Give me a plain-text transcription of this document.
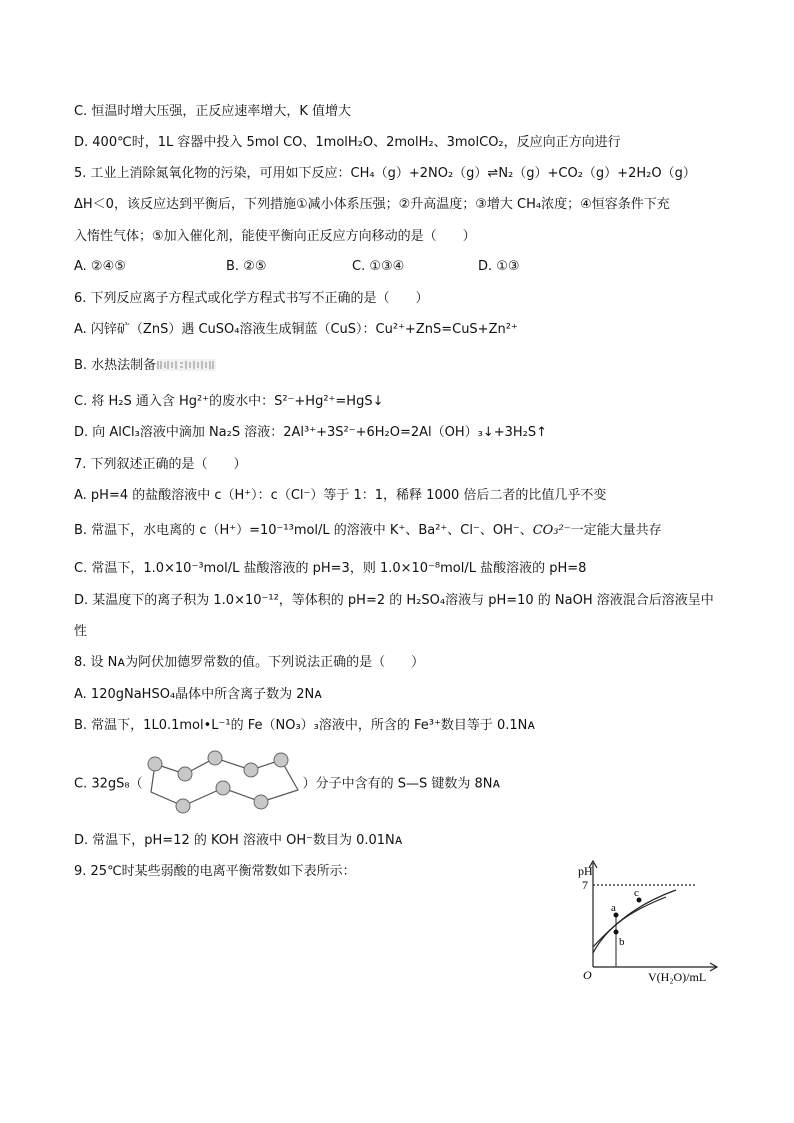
C. 恒温时增大压强，正反应速率增大，K 值增大
D. 400℃时，1L 容器中投入 5mol CO、1molH₂O、2molH₂、3molCO₂，反应向正方向进行
5. 工业上消除氮氧化物的污染，可用如下反应：CH₄（g）+2NO₂（g）⇌N₂（g）+CO₂（g）+2H₂O（g）
ΔH＜0，该反应达到平衡后，下列措施①减小体系压强；②升高温度；③增大 CH₄浓度；④恒容条件下充
入惰性气体；⑤加入催化剂，能使平衡向正反应方向移动的是（　　）
A. ②④⑤	B. ②⑤	C. ①③④	D. ①③
6. 下列反应离子方程式或化学方程式书写不正确的是（　　）
A. 闪锌矿（ZnS）遇 CuSO₄溶液生成铜蓝（CuS）：Cu²⁺+ZnS=CuS+Zn²⁺
B. 水热法制备
C. 将 H₂S 通入含 Hg²⁺的废水中：S²⁻+Hg²⁺=HgS↓
D. 向 AlCl₃溶液中滴加 Na₂S 溶液：2Al³⁺+3S²⁻+6H₂O=2Al（OH）₃↓+3H₂S↑
7. 下列叙述正确的是（　　）
A. pH=4 的盐酸溶液中 c（H⁺）：c（Cl⁻）等于 1：1，稀释 1000 倍后二者的比值几乎不变
B. 常温下，水电离的 c（H⁺）=10⁻¹³mol/L 的溶液中 K⁺、Ba²⁺、Cl⁻、OH⁻、CO₃²⁻一定能大量共存
C. 常温下，1.0×10⁻³mol/L 盐酸溶液的 pH=3，则 1.0×10⁻⁸mol/L 盐酸溶液的 pH=8
D. 某温度下的离子积为 1.0×10⁻¹²，等体积的 pH=2 的 H₂SO₄溶液与 pH=10 的 NaOH 溶液混合后溶液呈中
性
8. 设 Nᴀ为阿伏加德罗常数的值。下列说法正确的是（　　）
A. 120gNaHSO₄晶体中所含离子数为 2Nᴀ
B. 常温下，1L0.1mol•L⁻¹的 Fe（NO₃）₃溶液中，所含的 Fe³⁺数目等于 0.1Nᴀ
C. 32gS₈（	）分子中含有的 S—S 键数为 8Nᴀ
D. 常温下，pH=12 的 KOH 溶液中 OH⁻数目为 0.01Nᴀ
9. 25℃时某些弱酸的电离平衡常数如下表所示：	pH
7
O	V(H₂O)/mL
a
b
c
